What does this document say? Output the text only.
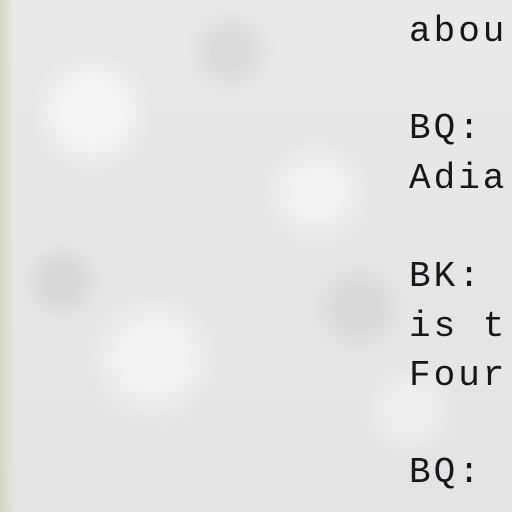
abou

BQ:

Adia

BK:

is t

Four

BQ:
